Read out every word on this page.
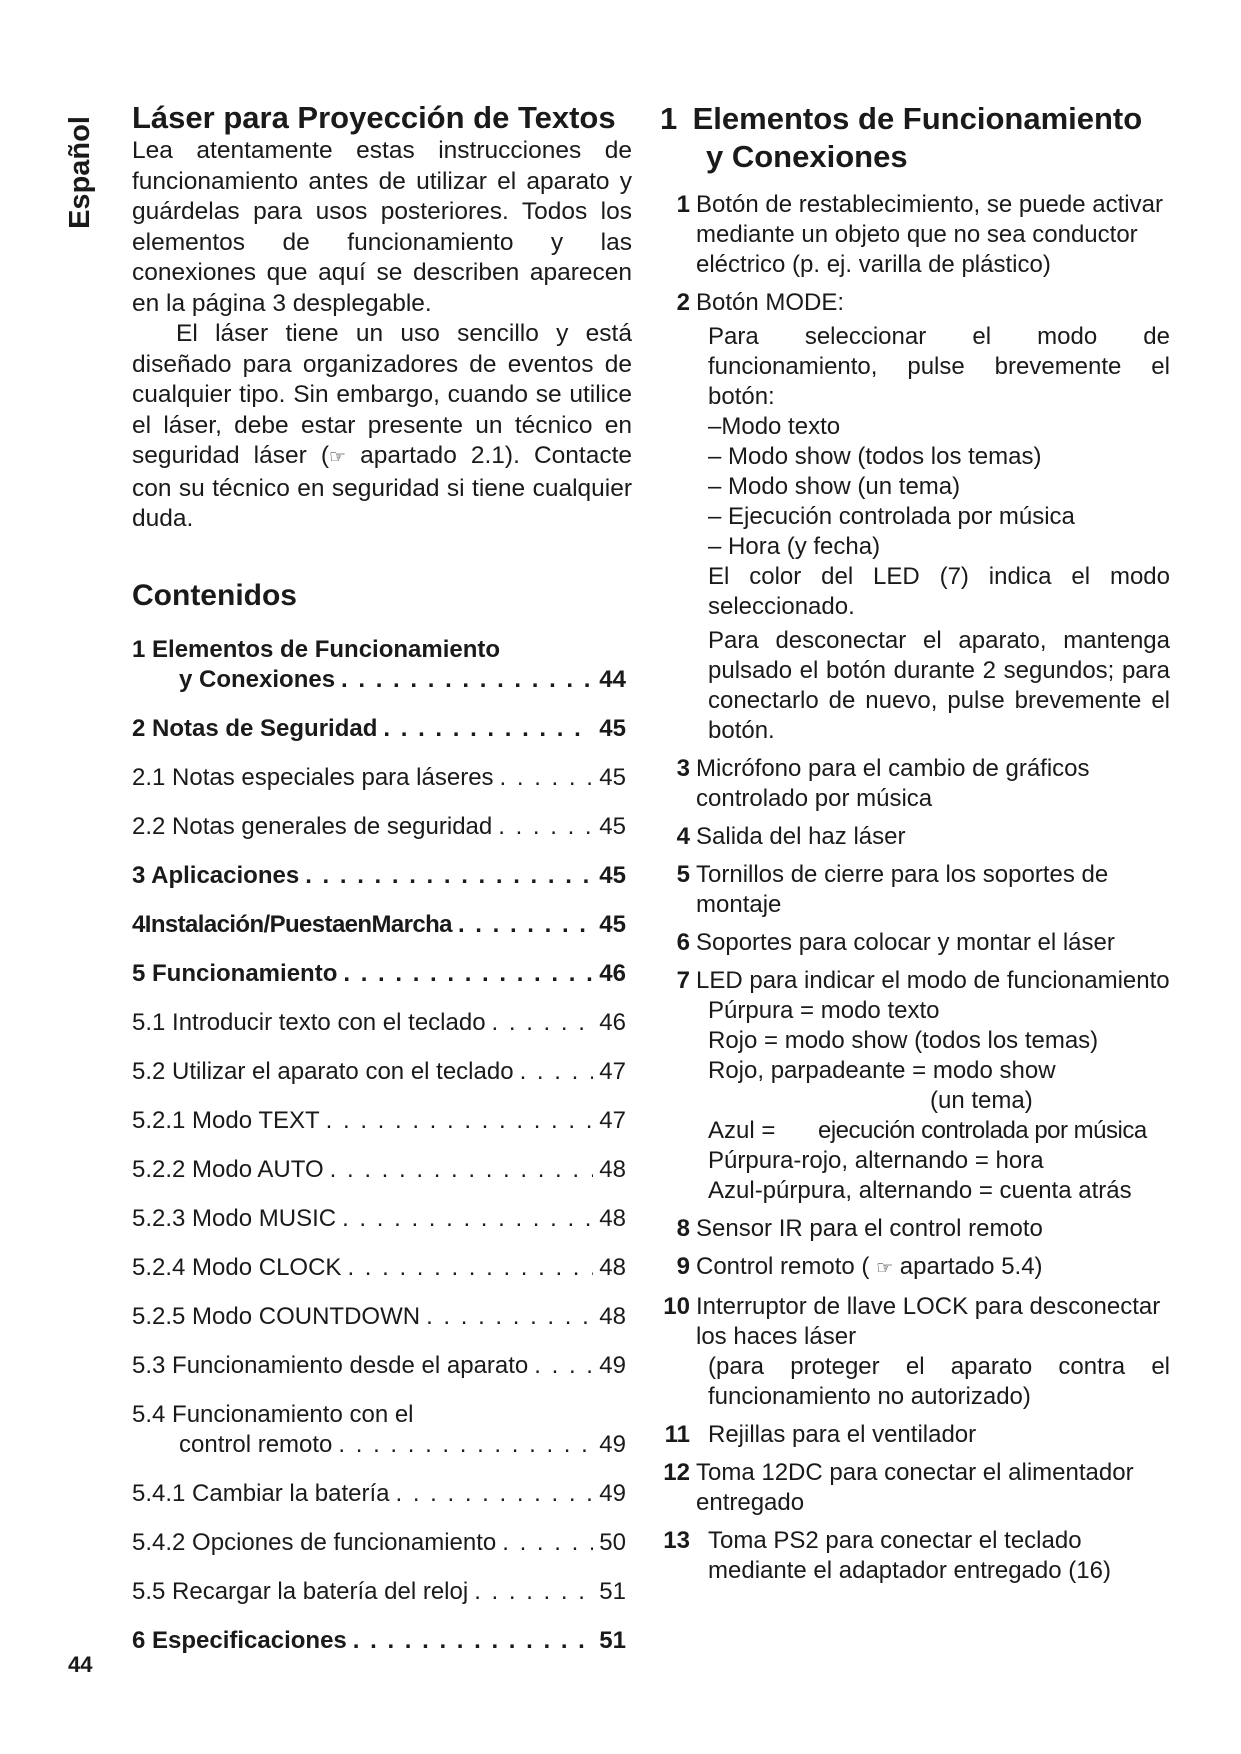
Español Láser para Proyección de Textos

Lea atentamente estas instrucciones de funcionamiento antes de utilizar el aparato y guárdelas para usos posteriores. Todos los elementos de funcionamiento y las conexiones que aquí se describen aparecen en la página 3 desplegable.

El láser tiene un uso sencillo y está diseñado para organizadores de eventos de cualquier tipo. Sin embargo, cuando se utilice el láser, debe estar presente un técnico en seguridad láser (☞ apartado 2.1). Contacte con su técnico en seguridad si tiene cualquier duda.

Contenidos
1 Elementos de Funcionamiento
y Conexiones . . .	44
2 Notas de Seguridad . . .	45
2.1 Notas especiales para láseres . . .	45
2.2 Notas generales de seguridad . . .	45
3 Aplicaciones . . .	45
4Instalación/PuestaenMarcha . . .	45
5 Funcionamiento . . .	46
5.1 Introducir texto con el teclado . . .	46
5.2 Utilizar el aparato con el teclado . . .	47
5.2.1 Modo TEXT . . .	47
5.2.2 Modo AUTO . . .	48
5.2.3 Modo MUSIC . . .	48
5.2.4 Modo CLOCK . . .	48
5.2.5 Modo COUNTDOWN . . .	48
5.3 Funcionamiento desde el aparato . . .	49
5.4 Funcionamiento con el
control remoto . . .	49
5.4.1 Cambiar la batería . . .	49
5.4.2 Opciones de funcionamiento . . .	50
5.5 Recargar la batería del reloj . . .	51
6 Especificaciones . . .	51
1 Elementos de Funcionamiento
y Conexiones
1 Botón de restablecimiento, se puede activar mediante un objeto que no sea conductor eléctrico (p. ej. varilla de plástico)
2 Botón MODE:
Para seleccionar el modo de funcionamiento, pulse brevemente el botón:
–Modo texto
– Modo show (todos los temas)
– Modo show (un tema)
– Ejecución controlada por música
– Hora (y fecha)
El color del LED (7) indica el modo seleccionado.
Para desconectar el aparato, mantenga pulsado el botón durante 2 segundos; para conectarlo de nuevo, pulse brevemente el botón.
3 Micrófono para el cambio de gráficos controlado por música
4 Salida del haz láser
5 Tornillos de cierre para los soportes de montaje
6 Soportes para colocar y montar el láser
7 LED para indicar el modo de funcionamiento
Púrpura = modo texto
Rojo = modo show (todos los temas)
Rojo, parpadeante = modo show
(un tema)
Azul =	ejecución controlada por música
Púrpura-rojo, alternando = hora
Azul-púrpura, alternando = cuenta atrás
8 Sensor IR para el control remoto
9 Control remoto ( ☞ apartado 5.4)
10 Interruptor de llave LOCK para desconectar los haces láser
(para proteger el aparato contra el funcionamiento no autorizado)
11 Rejillas para el ventilador
12 Toma 12DC para conectar el alimentador entregado
13 Toma PS2 para conectar el teclado mediante el adaptador entregado (16)
44
